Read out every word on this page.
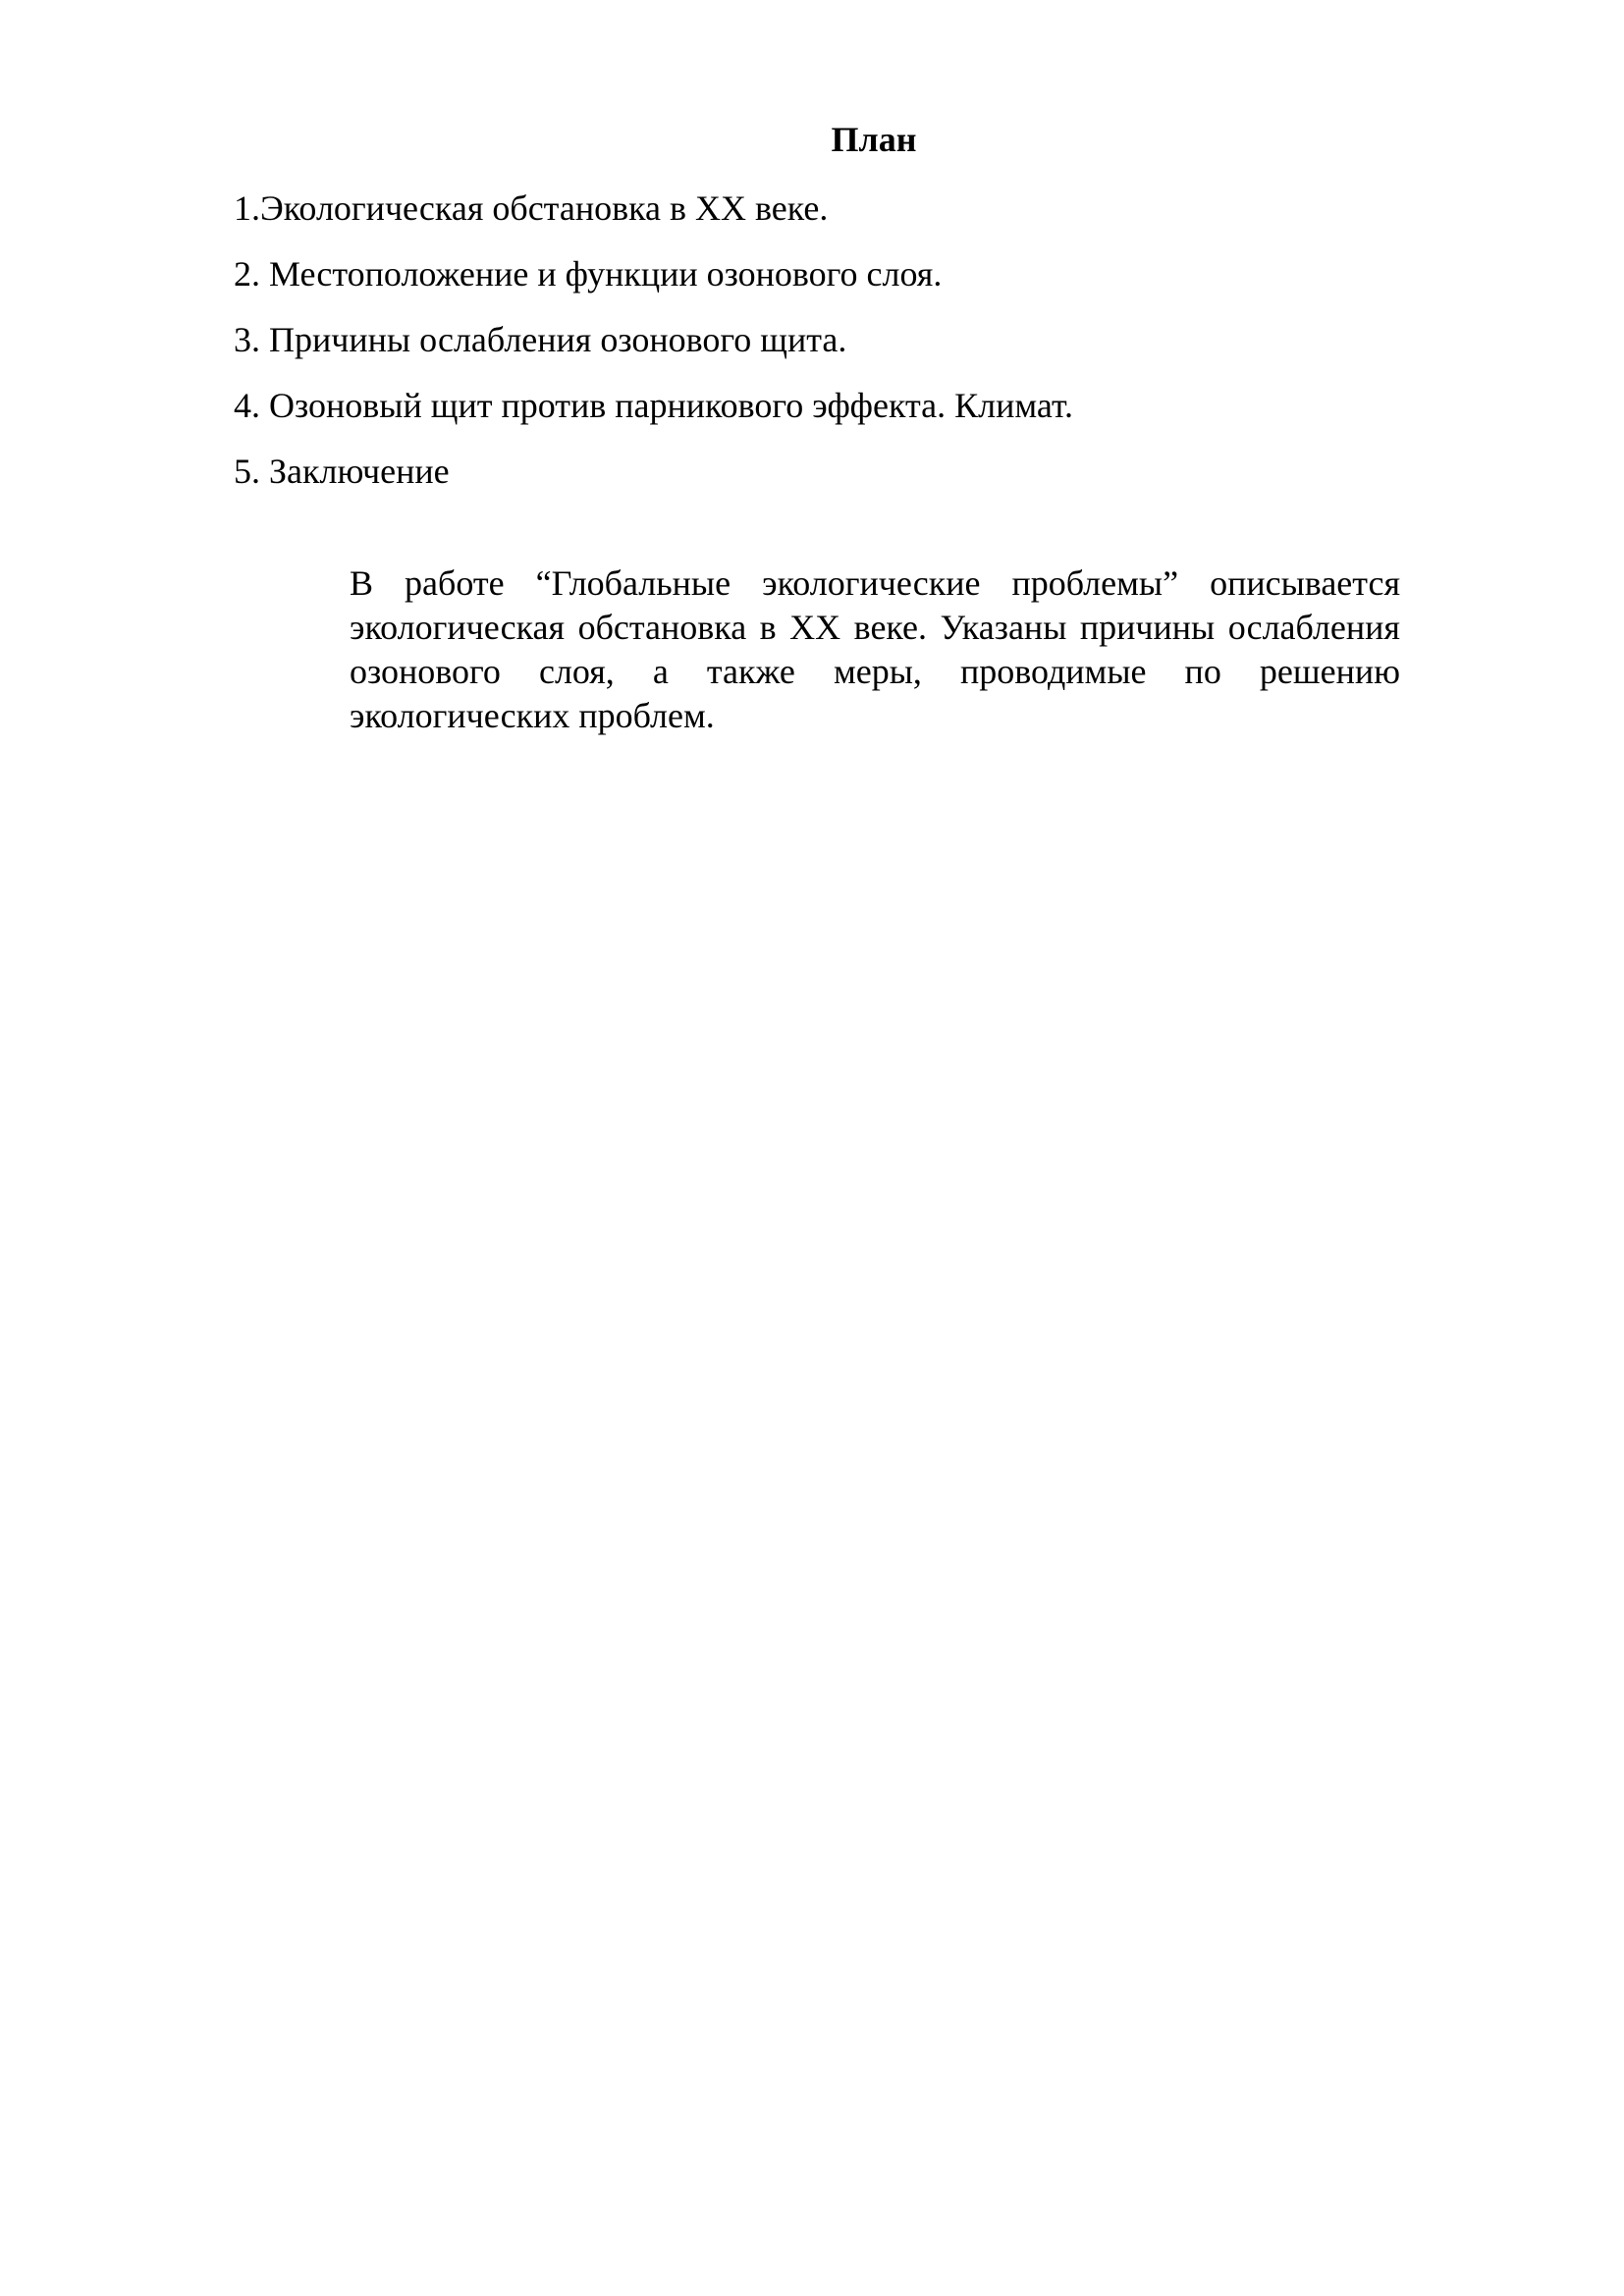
План
1.Экологическая обстановка в ХХ веке.
2. Местоположение и функции озонового слоя.
3. Причины ослабления озонового щита.
4. Озоновый щит против парникового эффекта. Климат.
5. Заключение

В работе “Глобальные экологические проблемы” описывается экологическая обстановка в ХХ веке. Указаны причины ослабления озонового слоя, а также меры, проводимые по решению экологических проблем.
